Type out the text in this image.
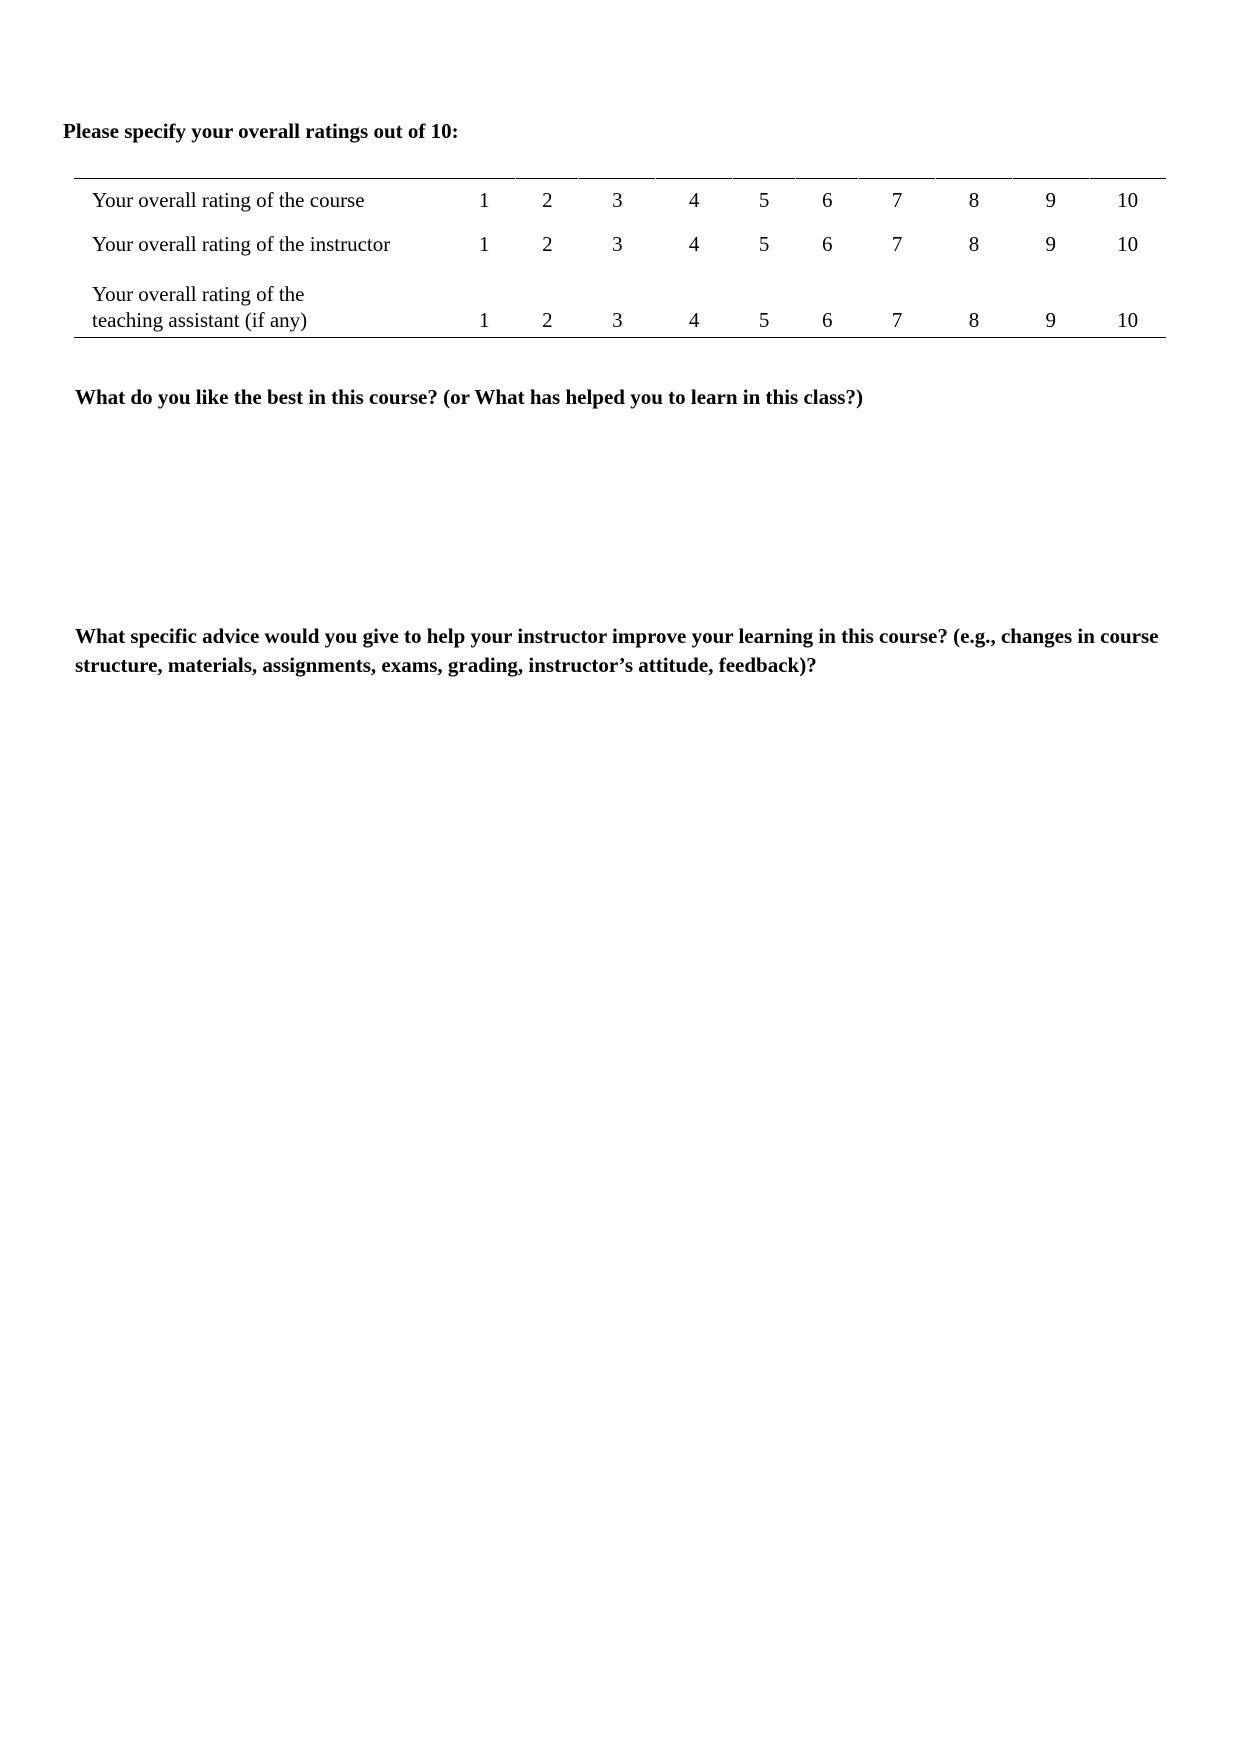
Please specify your overall ratings out of 10:

Your overall rating of the course	1	2	3	4	5	6	7	8	9	10

Your overall rating of the instructor	1	2	3	4	5	6	7	8	9	10

Your overall rating of the
teaching assistant (if any)	1	2	3	4	5	6	7	8	9	10

What do you like the best in this course? (or What has helped you to learn in this class?)

What specific advice would you give to help your instructor improve your learning in this course? (e.g., changes in course structure, materials, assignments, exams, grading, instructor’s attitude, feedback)?
